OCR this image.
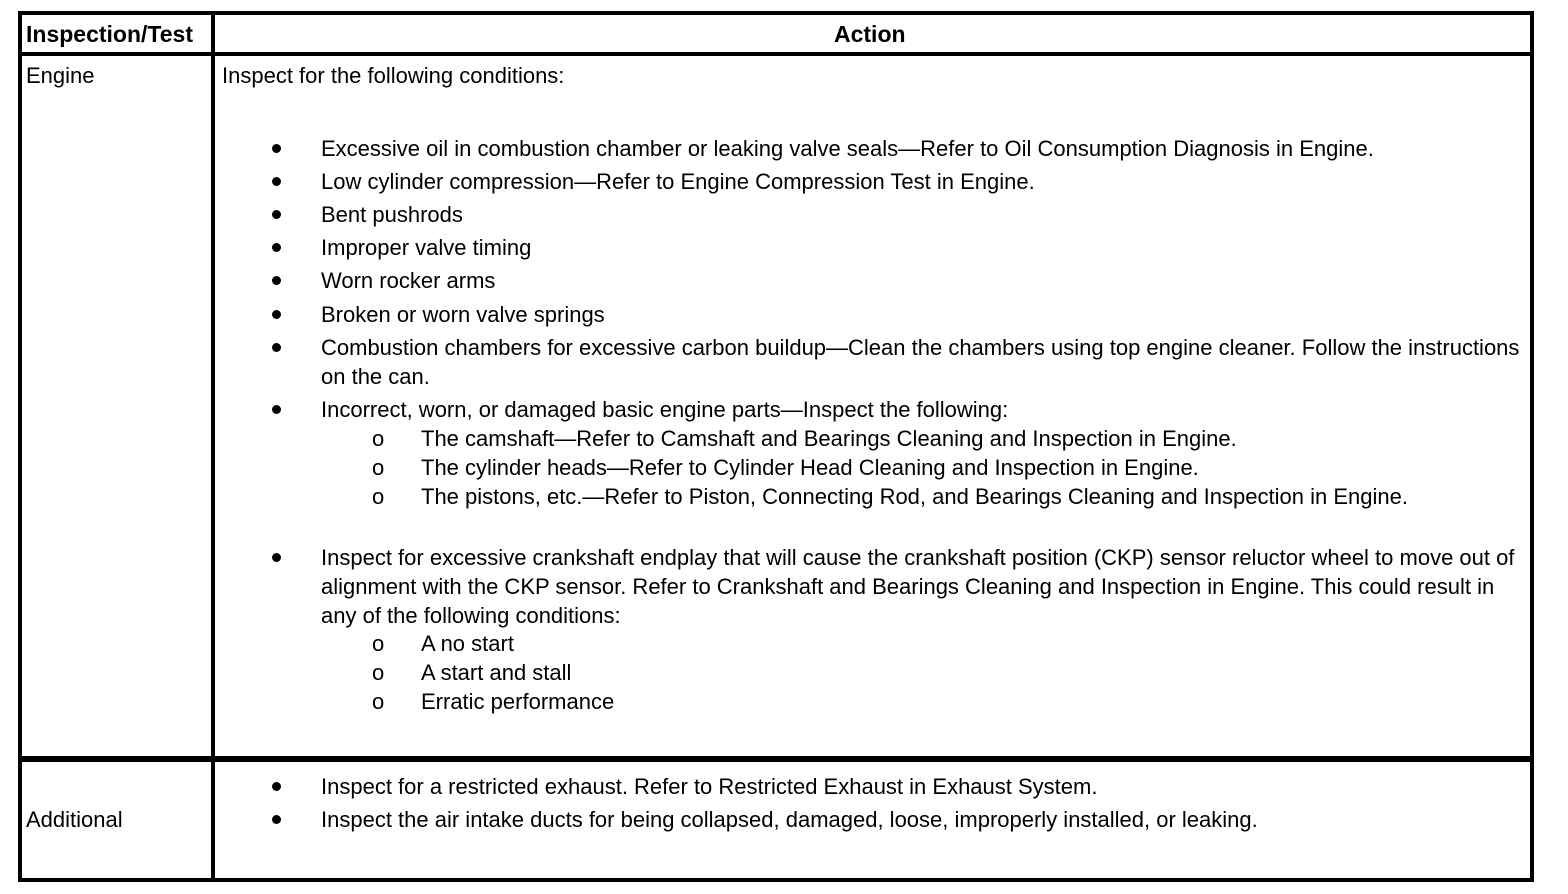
Inspection/Test	Action
Engine	Inspect for the following conditions:
Excessive oil in combustion chamber or leaking valve seals—Refer to Oil Consumption Diagnosis in Engine.
Low cylinder compression—Refer to Engine Compression Test in Engine.
Bent pushrods
Improper valve timing
Worn rocker arms
Broken or worn valve springs
Combustion chambers for excessive carbon buildup—Clean the chambers using top engine cleaner. Follow the instructions on the can.
Incorrect, worn, or damaged basic engine parts—Inspect the following:
o The camshaft—Refer to Camshaft and Bearings Cleaning and Inspection in Engine.
o The cylinder heads—Refer to Cylinder Head Cleaning and Inspection in Engine.
o The pistons, etc.—Refer to Piston, Connecting Rod, and Bearings Cleaning and Inspection in Engine.
Inspect for excessive crankshaft endplay that will cause the crankshaft position (CKP) sensor reluctor wheel to move out of alignment with the CKP sensor. Refer to Crankshaft and Bearings Cleaning and Inspection in Engine. This could result in any of the following conditions:
o A no start
o A start and stall
o Erratic performance
Additional
Inspect for a restricted exhaust. Refer to Restricted Exhaust in Exhaust System.
Inspect the air intake ducts for being collapsed, damaged, loose, improperly installed, or leaking.
